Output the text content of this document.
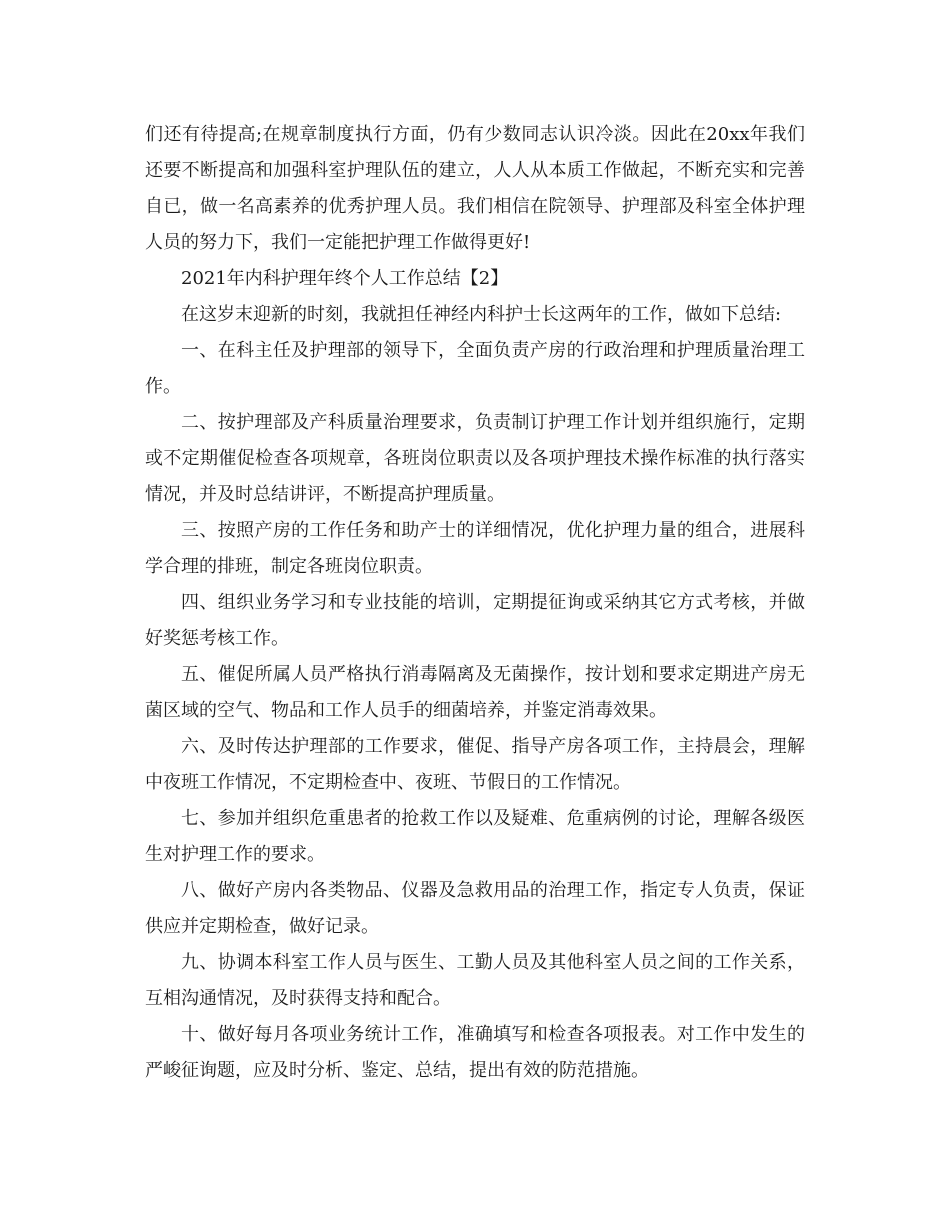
们还有待提高;在规章制度执行方面，仍有少数同志认识冷淡。因此在20xx年我们还要不断提高和加强科室护理队伍的建立，人人从本质工作做起，不断充实和完善自已，做一名高素养的优秀护理人员。我们相信在院领导、护理部及科室全体护理人员的努力下，我们一定能把护理工作做得更好!

2021年内科护理年终个人工作总结【2】

在这岁末迎新的时刻，我就担任神经内科护士长这两年的工作，做如下总结:

一、在科主任及护理部的领导下，全面负责产房的行政治理和护理质量治理工作。

二、按护理部及产科质量治理要求，负责制订护理工作计划并组织施行，定期或不定期催促检查各项规章，各班岗位职责以及各项护理技术操作标准的执行落实情况，并及时总结讲评，不断提高护理质量。

三、按照产房的工作任务和助产士的详细情况，优化护理力量的组合，进展科学合理的排班，制定各班岗位职责。

四、组织业务学习和专业技能的培训，定期提征询或采纳其它方式考核，并做好奖惩考核工作。

五、催促所属人员严格执行消毒隔离及无菌操作，按计划和要求定期进产房无菌区域的空气、物品和工作人员手的细菌培养，并鉴定消毒效果。

六、及时传达护理部的工作要求，催促、指导产房各项工作，主持晨会，理解中夜班工作情况，不定期检查中、夜班、节假日的工作情况。

七、参加并组织危重患者的抢救工作以及疑难、危重病例的讨论，理解各级医生对护理工作的要求。

八、做好产房内各类物品、仪器及急救用品的治理工作，指定专人负责，保证供应并定期检查，做好记录。

九、协调本科室工作人员与医生、工勤人员及其他科室人员之间的工作关系，互相沟通情况，及时获得支持和配合。

十、做好每月各项业务统计工作，准确填写和检查各项报表。对工作中发生的严峻征询题，应及时分析、鉴定、总结，提出有效的防范措施。
